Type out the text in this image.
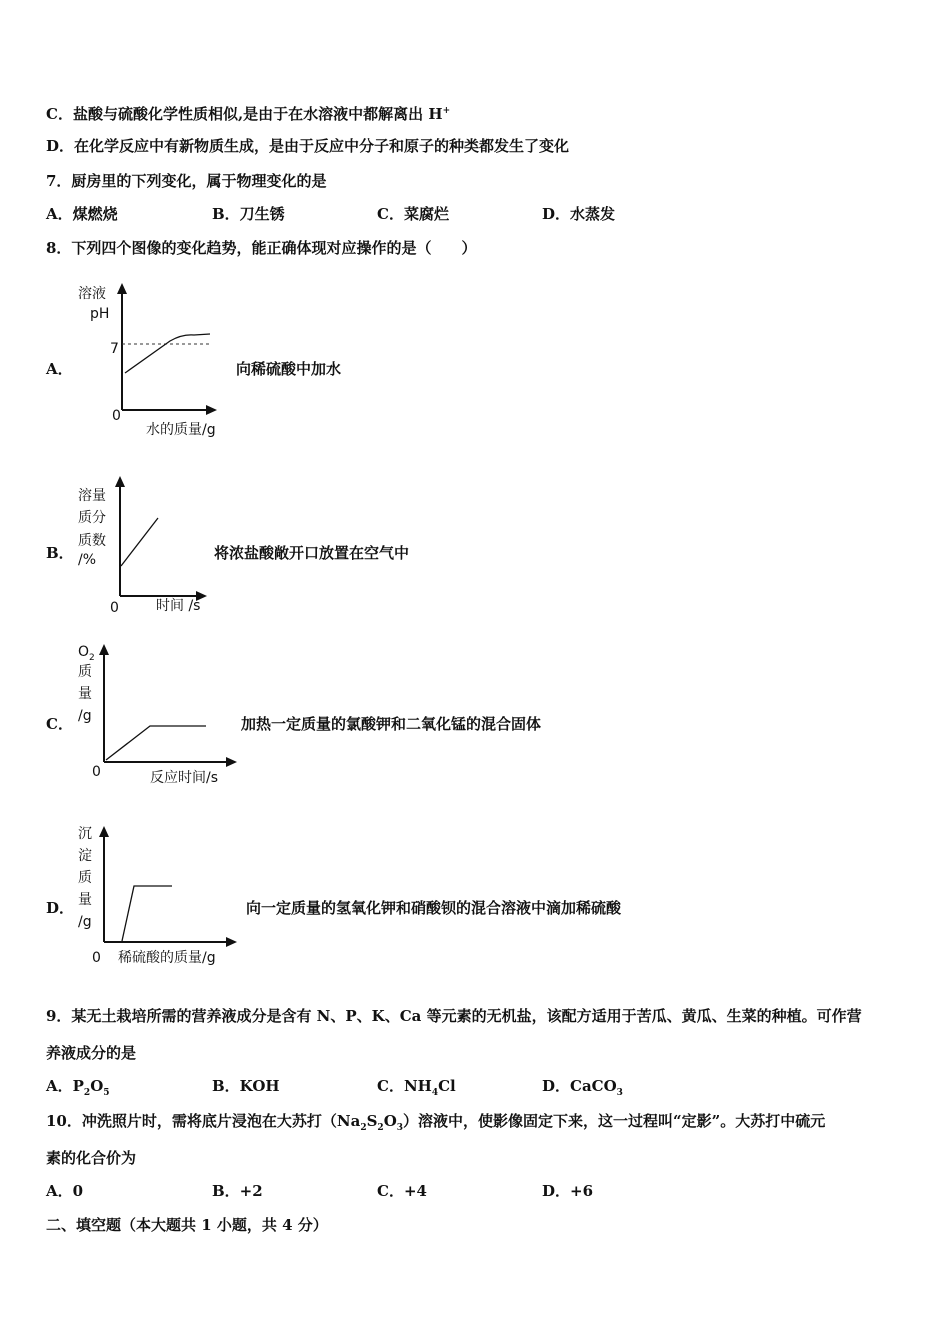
C．盐酸与硫酸化学性质相似,是由于在水溶液中都解离出 H+
D．在化学反应中有新物质生成，是由于反应中分子和原子的种类都发生了变化
7．厨房里的下列变化，属于物理变化的是
A．煤燃烧	B．刀生锈	C．菜腐烂	D．水蒸发
8．下列四个图像的变化趋势，能正确体现对应操作的是（　　）
A．
溶液
pH
7
0
水的质量/g
向稀硫酸中加水
B．
溶量
质分
质数
/%
0	时间 /s
将浓盐酸敞开口放置在空气中
C．
$O_2$
质
量
/g
0	反应时间/s
加热一定质量的氯酸钾和二氧化锰的混合固体
D．
沉
淀
质
量
/g
0 稀硫酸的质量/g
向一定质量的氢氧化钾和硝酸钡的混合溶液中滴加稀硫酸
9．某无土栽培所需的营养液成分是含有 N、P、K、Ca 等元素的无机盐，该配方适用于苦瓜、黄瓜、生菜的种植。可作营
养液成分的是
A．$P_2O_5$	B．KOH	C．$NH_4Cl$	D．CaCO$_3$
10．冲洗照片时，需将底片浸泡在大苏打$(Na_2S_2O_3)$溶液中，使影像固定下来，这一过程叫“定影”。大苏打中硫元
素的化合价为
A．0	B．+2	C．+4	D．+6
二、填空题（本大题共 1 小题，共 4 分）
